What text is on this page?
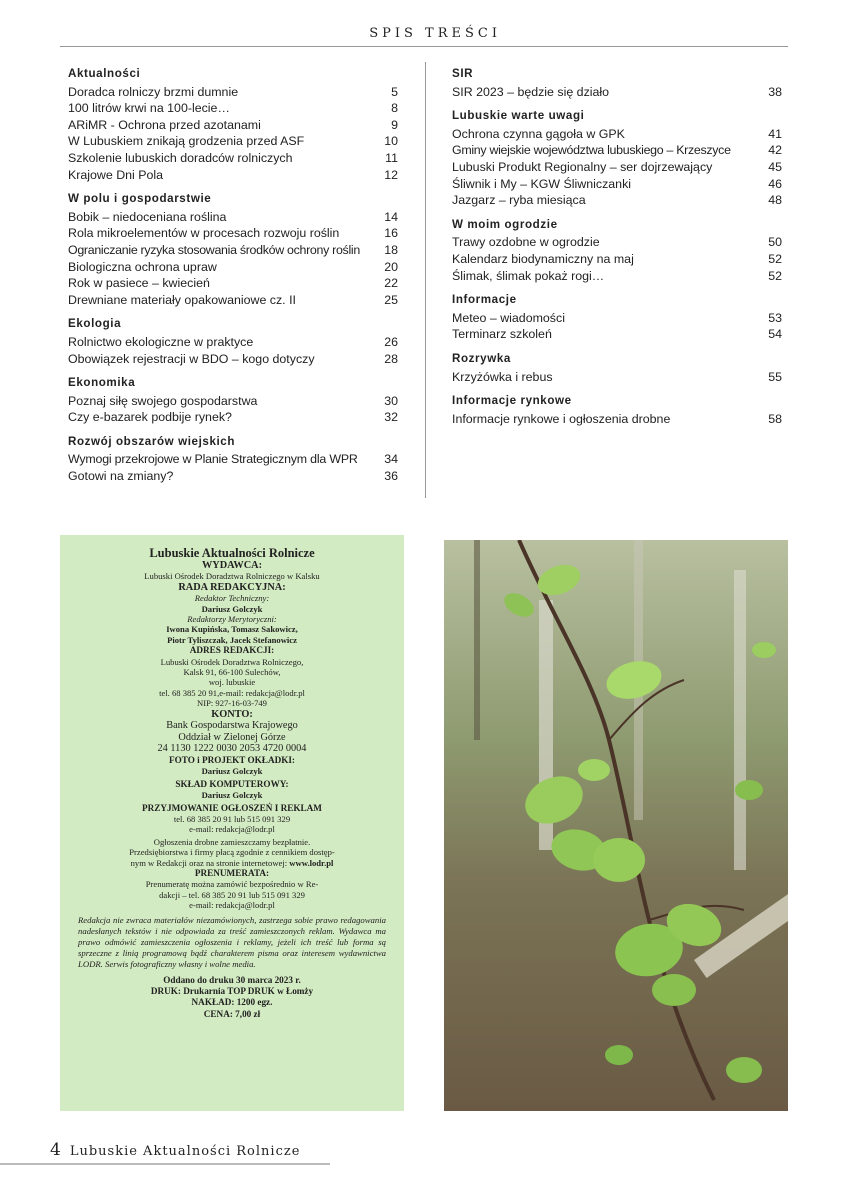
SPIS TREŚCI
Aktualności
Doradca rolniczy brzmi dumnie	5
100 litrów krwi na 100-lecie…	8
ARiMR - Ochrona przed azotanami	9
W Lubuskiem znikają grodzenia przed ASF	10
Szkolenie lubuskich doradców rolniczych	11
Krajowe Dni Pola	12
W polu i gospodarstwie
Bobik – niedoceniana roślina	14
Rola mikroelementów w procesach rozwoju roślin	16
Ograniczanie ryzyka stosowania środków ochrony roślin	18
Biologiczna ochrona upraw	20
Rok w pasiece – kwiecień	22
Drewniane materiały opakowaniowe cz. II	25
Ekologia
Rolnictwo ekologiczne w praktyce	26
Obowiązek rejestracji w BDO – kogo dotyczy	28
Ekonomika
Poznaj siłę swojego gospodarstwa	30
Czy e-bazarek podbije rynek?	32
Rozwój obszarów wiejskich
Wymogi przekrojowe w Planie Strategicznym dla WPR	34
Gotowi na zmiany?	36
SIR
SIR 2023 – będzie się działo	38
Lubuskie warte uwagi
Ochrona czynna gągoła w GPK	41
Gminy wiejskie województwa lubuskiego – Krzeszyce	42
Lubuski Produkt Regionalny – ser dojrzewający	45
Śliwnik i My – KGW Śliwniczanki	46
Jazgarz – ryba miesiąca	48
W moim ogrodzie
Trawy ozdobne w ogrodzie	50
Kalendarz biodynamiczny na maj	52
Ślimak, ślimak pokaż rogi…	52
Informacje
Meteo – wiadomości	53
Terminarz szkoleń	54
Rozrywka
Krzyżówka i rebus	55
Informacje rynkowe
Informacje rynkowe i ogłoszenia drobne	58
Lubuskie Aktualności Rolnicze
WYDAWCA:
Lubuski Ośrodek Doradztwa Rolniczego w Kalsku
RADA REDAKCYJNA:
Redaktor Techniczny:
Dariusz Golczyk
Redaktorzy Merytoryczni:
Iwona Kupińska, Tomasz Sakowicz,
Piotr Tyliszczak, Jacek Stefanowicz
ADRES REDAKCJI:
Lubuski Ośrodek Doradztwa Rolniczego,
Kalsk 91, 66-100 Sulechów,
woj. lubuskie
tel. 68 385 20 91,e-mail: redakcja@lodr.pl
NIP: 927-16-03-749
KONTO:
Bank Gospodarstwa Krajowego
Oddział w Zielonej Górze
24 1130 1222 0030 2053 4720 0004
FOTO i PROJEKT OKŁADKI:
Dariusz Golczyk
SKŁAD KOMPUTEROWY:
Dariusz Golczyk
PRZYJMOWANIE OGŁOSZEŃ I REKLAM
tel. 68 385 20 91 lub 515 091 329
e-mail: redakcja@lodr.pl
Ogłoszenia drobne zamieszczamy bezpłatnie.
Przedsiębiorstwa i firmy płacą zgodnie z cennikiem dostęp-
nym w Redakcji oraz na stronie internetowej: www.lodr.pl
PRENUMERATA:
Prenumeratę można zamówić bezpośrednio w Re-
dakcji – tel. 68 385 20 91 lub 515 091 329
e-mail: redakcja@lodr.pl
Redakcja nie zwraca materiałów niezamówionych, zastrzega sobie prawo redagowania nadesłanych tekstów i nie odpowiada za treść zamieszczonych reklam. Wydawca ma prawo odmówić zamieszczenia ogłoszenia i reklamy, jeżeli ich treść lub forma są sprzeczne z linią programową bądź charakterem pisma oraz interesem wydawnictwa LODR. Serwis fotograficzny własny i wolne media.
Oddano do druku 30 marca 2023 r.
DRUK: Drukarnia TOP DRUK w Łomży
NAKŁAD: 1200 egz.
CENA: 7,00 zł
4 Lubuskie Aktualności Rolnicze
